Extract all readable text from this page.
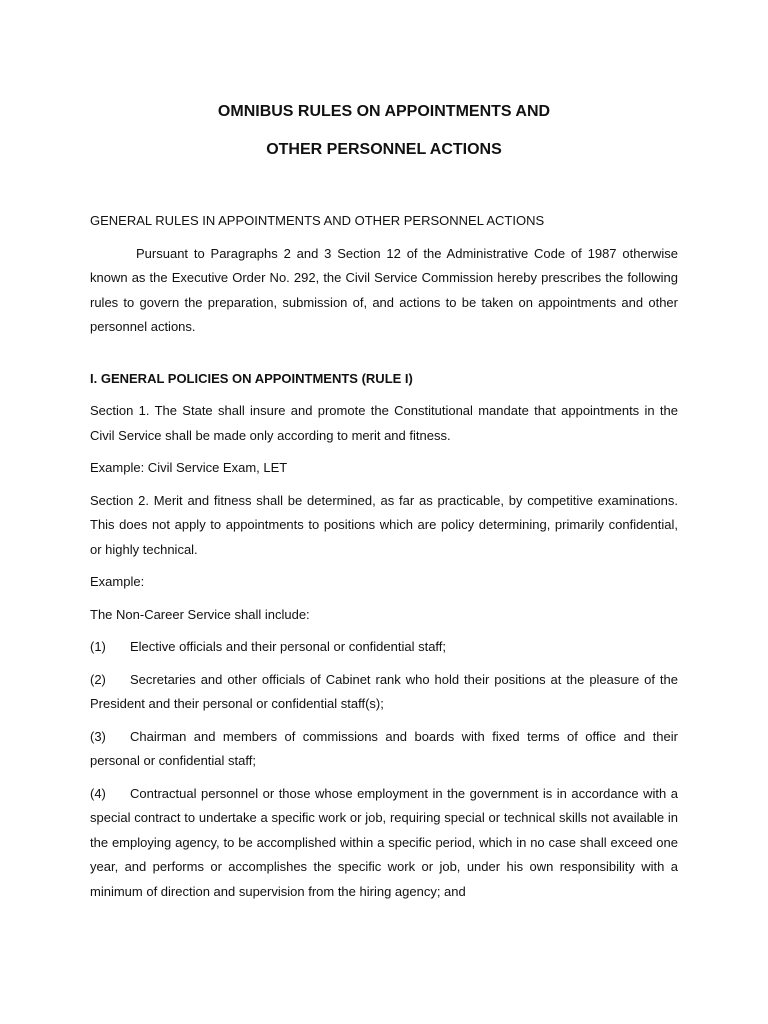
OMNIBUS RULES ON APPOINTMENTS AND

OTHER PERSONNEL ACTIONS

GENERAL RULES IN APPOINTMENTS AND OTHER PERSONNEL ACTIONS

Pursuant to Paragraphs 2 and 3 Section 12 of the Administrative Code of 1987 otherwise known as the Executive Order No. 292, the Civil Service Commission hereby prescribes the following rules to govern the preparation, submission of, and actions to be taken on appointments and other personnel actions.

I. GENERAL POLICIES ON APPOINTMENTS (RULE I)

Section 1. The State shall insure and promote the Constitutional mandate that appointments in the Civil Service shall be made only according to merit and fitness.

Example: Civil Service Exam, LET

Section 2. Merit and fitness shall be determined, as far as practicable, by competitive examinations. This does not apply to appointments to positions which are policy determining, primarily confidential, or highly technical.

Example:

The Non-Career Service shall include:

(1) Elective officials and their personal or confidential staff;

(2) Secretaries and other officials of Cabinet rank who hold their positions at the pleasure of the President and their personal or confidential staff(s);

(3) Chairman and members of commissions and boards with fixed terms of office and their personal or confidential staff;

(4) Contractual personnel or those whose employment in the government is in accordance with a special contract to undertake a specific work or job, requiring special or technical skills not available in the employing agency, to be accomplished within a specific period, which in no case shall exceed one year, and performs or accomplishes the specific work or job, under his own responsibility with a minimum of direction and supervision from the hiring agency; and
